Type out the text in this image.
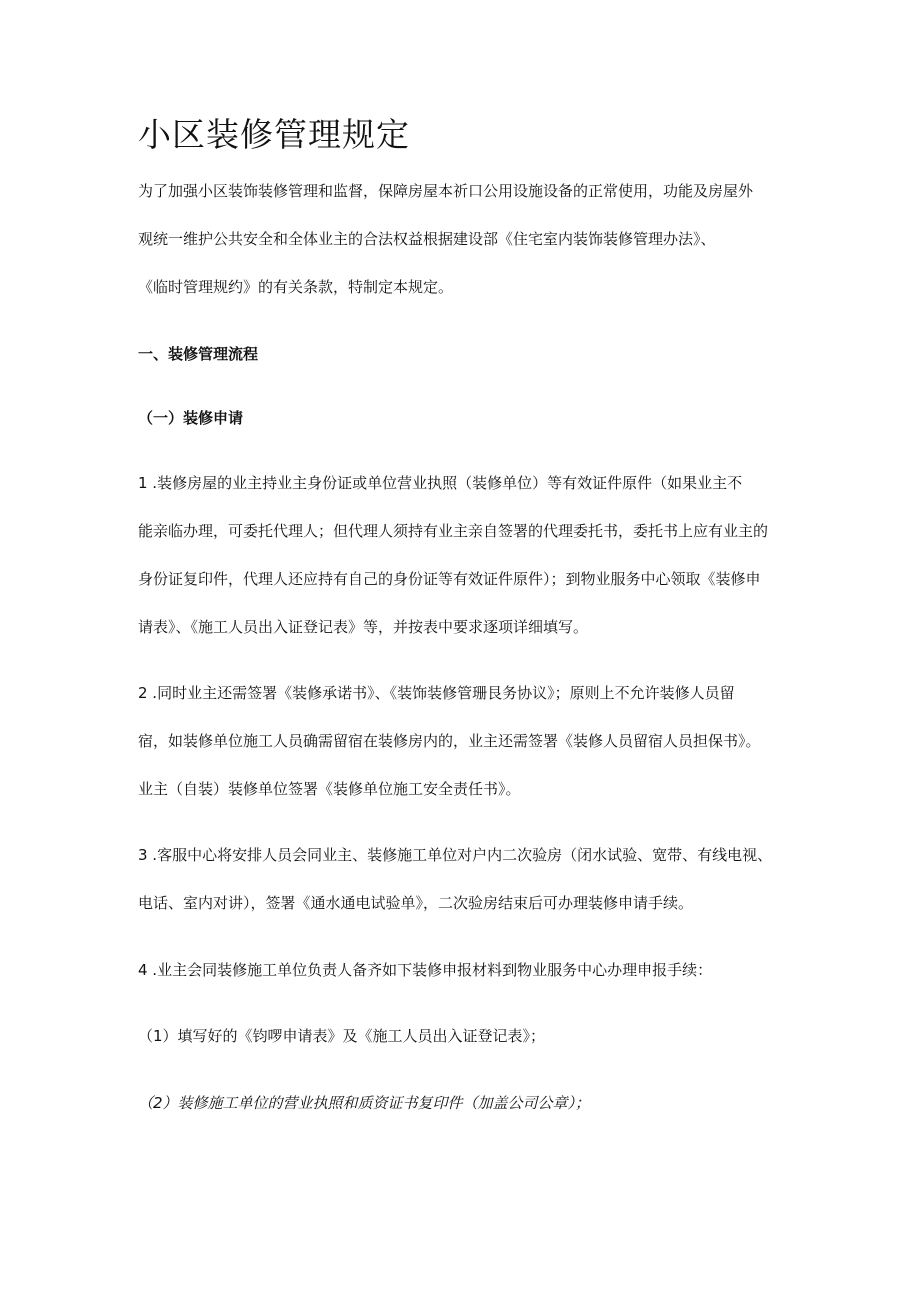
小区装修管理规定

为了加强小区装饰装修管理和监督，保障房屋本祈口公用设施设备的正常使用，功能及房屋外

观统一维护公共安全和全体业主的合法权益根据建设部《住宅室内装饰装修管理办法》、

《临时管理规约》的有关条款，特制定本规定。

一、装修管理流程

（一）装修申请

1 .装修房屋的业主持业主身份证或单位营业执照（装修单位）等有效证件原件（如果业主不

能亲临办理，可委托代理人；但代理人须持有业主亲自签署的代理委托书，委托书上应有业主的

身份证复印件，代理人还应持有自己的身份证等有效证件原件）；到物业服务中心领取《装修申

请表》、《施工人员出入证登记表》等，并按表中要求逐项详细填写。

2 .同时业主还需签署《装修承诺书》、《装饰装修管珊艮务协议》；原则上不允许装修人员留

宿，如装修单位施工人员确需留宿在装修房内的，业主还需签署《装修人员留宿人员担保书》。

业主（自装）装修单位签署《装修单位施工安全责任书》。

3 .客服中心将安排人员会同业主、装修施工单位对户内二次验房（闭水试验、宽带、有线电视、

电话、室内对讲），签署《通水通电试验单》，二次验房结束后可办理装修申请手续。

4 .业主会同装修施工单位负责人备齐如下装修申报材料到物业服务中心办理申报手续：

（1）填写好的《钧啰申请表》及《施工人员出入证登记表》；

（2）装修施工单位的营业执照和质资证书复印件（加盖公司公章）；
